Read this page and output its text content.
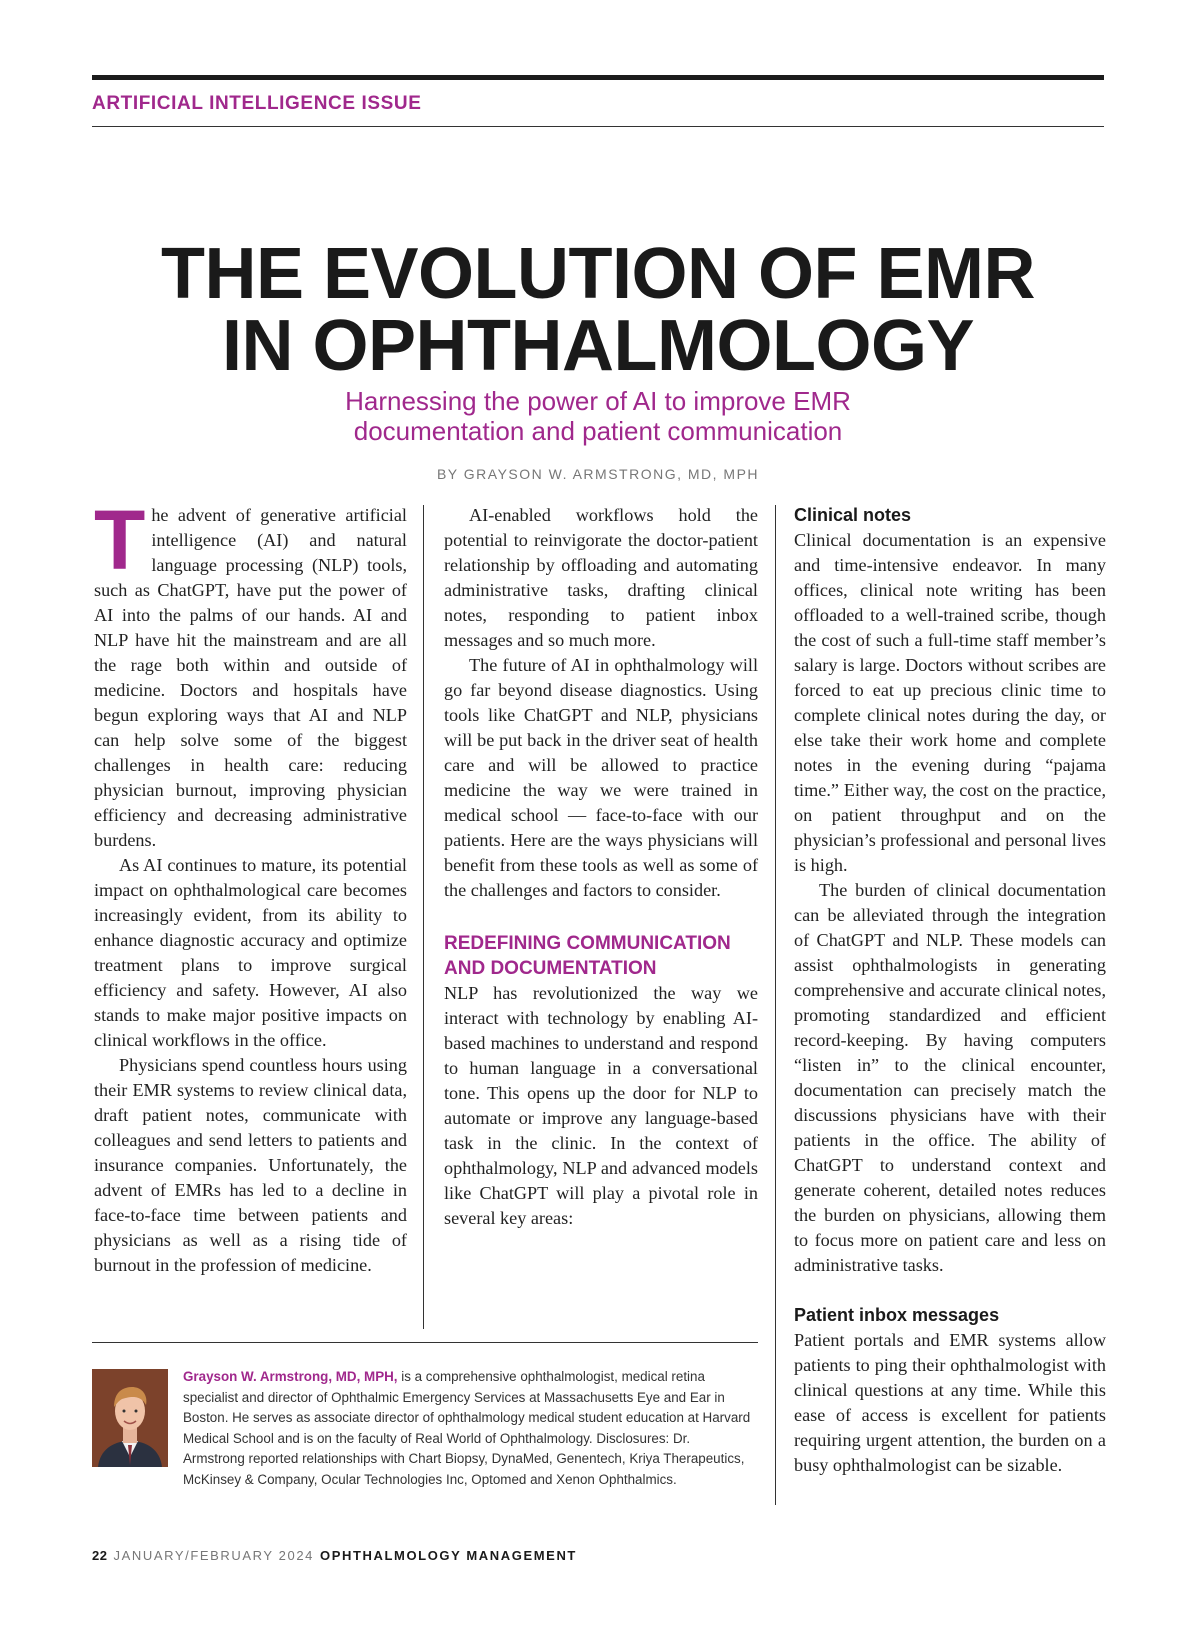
ARTIFICIAL INTELLIGENCE ISSUE
THE EVOLUTION OF EMR
IN OPHTHALMOLOGY
Harnessing the power of AI to improve EMR
documentation and patient communication
BY GRAYSON W. ARMSTRONG, MD, MPH

The advent of generative artificial intelligence (AI) and natural language processing (NLP) tools, such as ChatGPT, have put the power of AI into the palms of our hands. AI and NLP have hit the mainstream and are all the rage both within and outside of medicine. Doctors and hospitals have begun exploring ways that AI and NLP can help solve some of the biggest challenges in health care: reducing physician burnout, improving physician efficiency and decreasing administrative burdens.

As AI continues to mature, its potential impact on ophthalmological care becomes increasingly evident, from its ability to enhance diagnostic accuracy and optimize treatment plans to improve surgical efficiency and safety. However, AI also stands to make major positive impacts on clinical workflows in the office.

Physicians spend countless hours using their EMR systems to review clinical data, draft patient notes, communicate with colleagues and send letters to patients and insurance companies. Unfortunately, the advent of EMRs has led to a decline in face-to-face time between patients and physicians as well as a rising tide of burnout in the profession of medicine.

AI-enabled workflows hold the potential to reinvigorate the doctor-patient relationship by offloading and automating administrative tasks, drafting clinical notes, responding to patient inbox messages and so much more.

The future of AI in ophthalmology will go far beyond disease diagnostics. Using tools like ChatGPT and NLP, physicians will be put back in the driver seat of health care and will be allowed to practice medicine the way we were trained in medical school — face-to-face with our patients. Here are the ways physicians will benefit from these tools as well as some of the challenges and factors to consider.

REDEFINING COMMUNICATION AND DOCUMENTATION

NLP has revolutionized the way we interact with technology by enabling AI-based machines to understand and respond to human language in a conversational tone. This opens up the door for NLP to automate or improve any language-based task in the clinic. In the context of ophthalmology, NLP and advanced models like ChatGPT will play a pivotal role in several key areas:

Clinical notes

Clinical documentation is an expensive and time-intensive endeavor. In many offices, clinical note writing has been offloaded to a well-trained scribe, though the cost of such a full-time staff member’s salary is large. Doctors without scribes are forced to eat up precious clinic time to complete clinical notes during the day, or else take their work home and complete notes in the evening during “pajama time.” Either way, the cost on the practice, on patient throughput and on the physician’s professional and personal lives is high.

The burden of clinical documentation can be alleviated through the integration of ChatGPT and NLP. These models can assist ophthalmologists in generating comprehensive and accurate clinical notes, promoting standardized and efficient record-keeping. By having computers “listen in” to the clinical encounter, documentation can precisely match the discussions physicians have with their patients in the office. The ability of ChatGPT to understand context and generate coherent, detailed notes reduces the burden on physicians, allowing them to focus more on patient care and less on administrative tasks.

Patient inbox messages

Patient portals and EMR systems allow patients to ping their ophthalmologist with clinical questions at any time. While this ease of access is excellent for patients requiring urgent attention, the burden on a busy ophthalmologist can be sizable.

Grayson W. Armstrong, MD, MPH, is a comprehensive ophthalmologist, medical retina specialist and director of Ophthalmic Emergency Services at Massachusetts Eye and Ear in Boston. He serves as associate director of ophthalmology medical student education at Harvard Medical School and is on the faculty of Real World of Ophthalmology. Disclosures: Dr. Armstrong reported relationships with Chart Biopsy, DynaMed, Genentech, Kriya Therapeutics, McKinsey & Company, Ocular Technologies Inc, Optomed and Xenon Ophthalmics.
22 JANUARY/FEBRUARY 2024 OPHTHALMOLOGY MANAGEMENT
